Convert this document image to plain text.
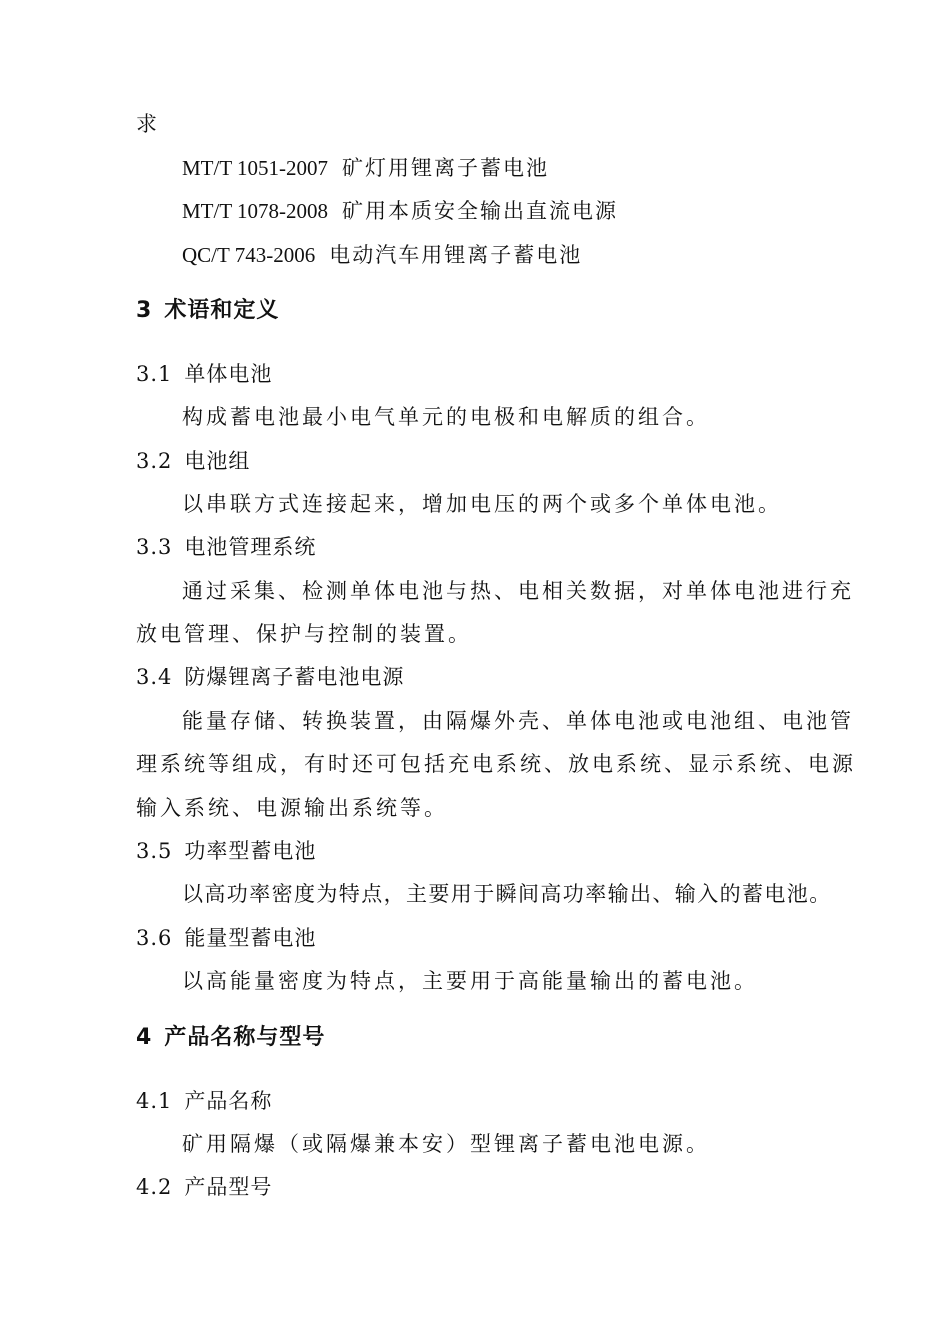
求
MT/T 1051-2007 矿灯用锂离子蓄电池
MT/T 1078-2008 矿用本质安全输出直流电源
QC/T 743-2006 电动汽车用锂离子蓄电池
3 术语和定义
3.1 单体电池
构成蓄电池最小电气单元的电极和电解质的组合。
3.2 电池组
以串联方式连接起来，增加电压的两个或多个单体电池。
3.3 电池管理系统
通过采集、检测单体电池与热、电相关数据，对单体电池进行充
放电管理、保护与控制的装置。
3.4 防爆锂离子蓄电池电源
能量存储、转换装置，由隔爆外壳、单体电池或电池组、电池管
理系统等组成，有时还可包括充电系统、放电系统、显示系统、电源
输入系统、电源输出系统等。
3.5 功率型蓄电池
以高功率密度为特点，主要用于瞬间高功率输出、输入的蓄电池。
3.6 能量型蓄电池
以高能量密度为特点，主要用于高能量输出的蓄电池。
4 产品名称与型号
4.1 产品名称
矿用隔爆（或隔爆兼本安）型锂离子蓄电池电源。
4.2 产品型号
